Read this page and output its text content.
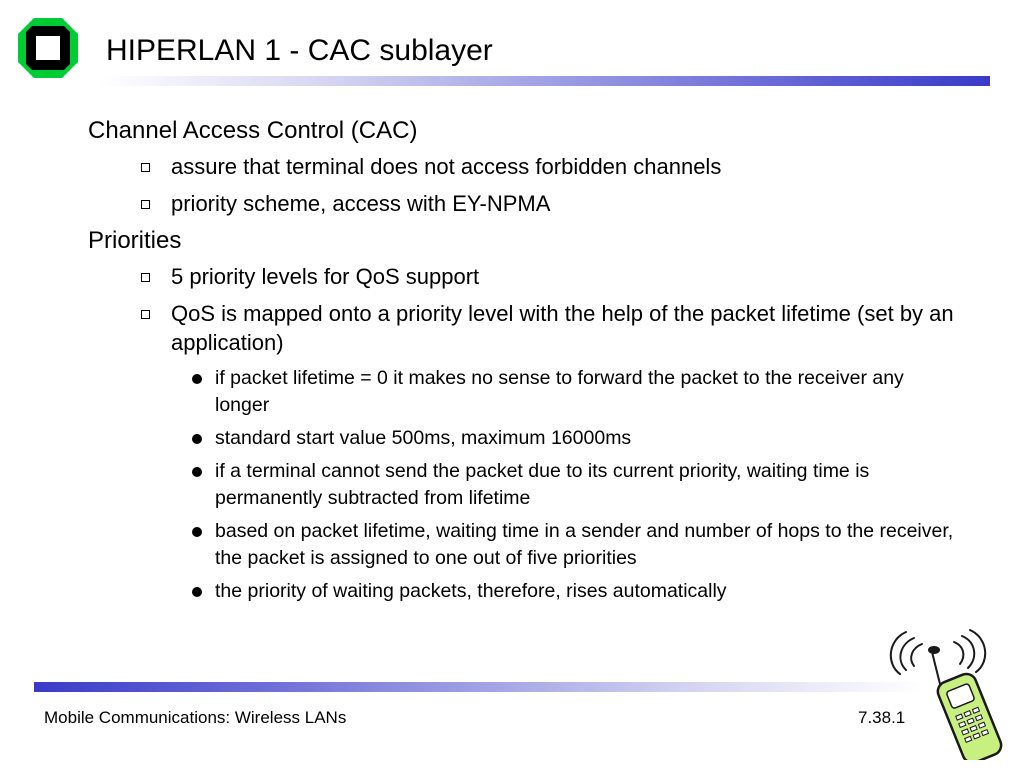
HIPERLAN 1 - CAC sublayer
Channel Access Control (CAC)
assure that terminal does not access forbidden channels
priority scheme, access with EY-NPMA
Priorities
5 priority levels for QoS support
QoS is mapped onto a priority level with the help of the packet lifetime (set by an application)
if packet lifetime = 0 it makes no sense to forward the packet to the receiver any longer
standard start value 500ms, maximum 16000ms
if a terminal cannot send the packet due to its current priority, waiting time is permanently subtracted from lifetime
based on packet lifetime, waiting time in a sender and number of hops to the receiver, the packet is assigned to one out of five priorities
the priority of waiting packets, therefore, rises automatically
Mobile Communications: Wireless LANs	7.38.1
